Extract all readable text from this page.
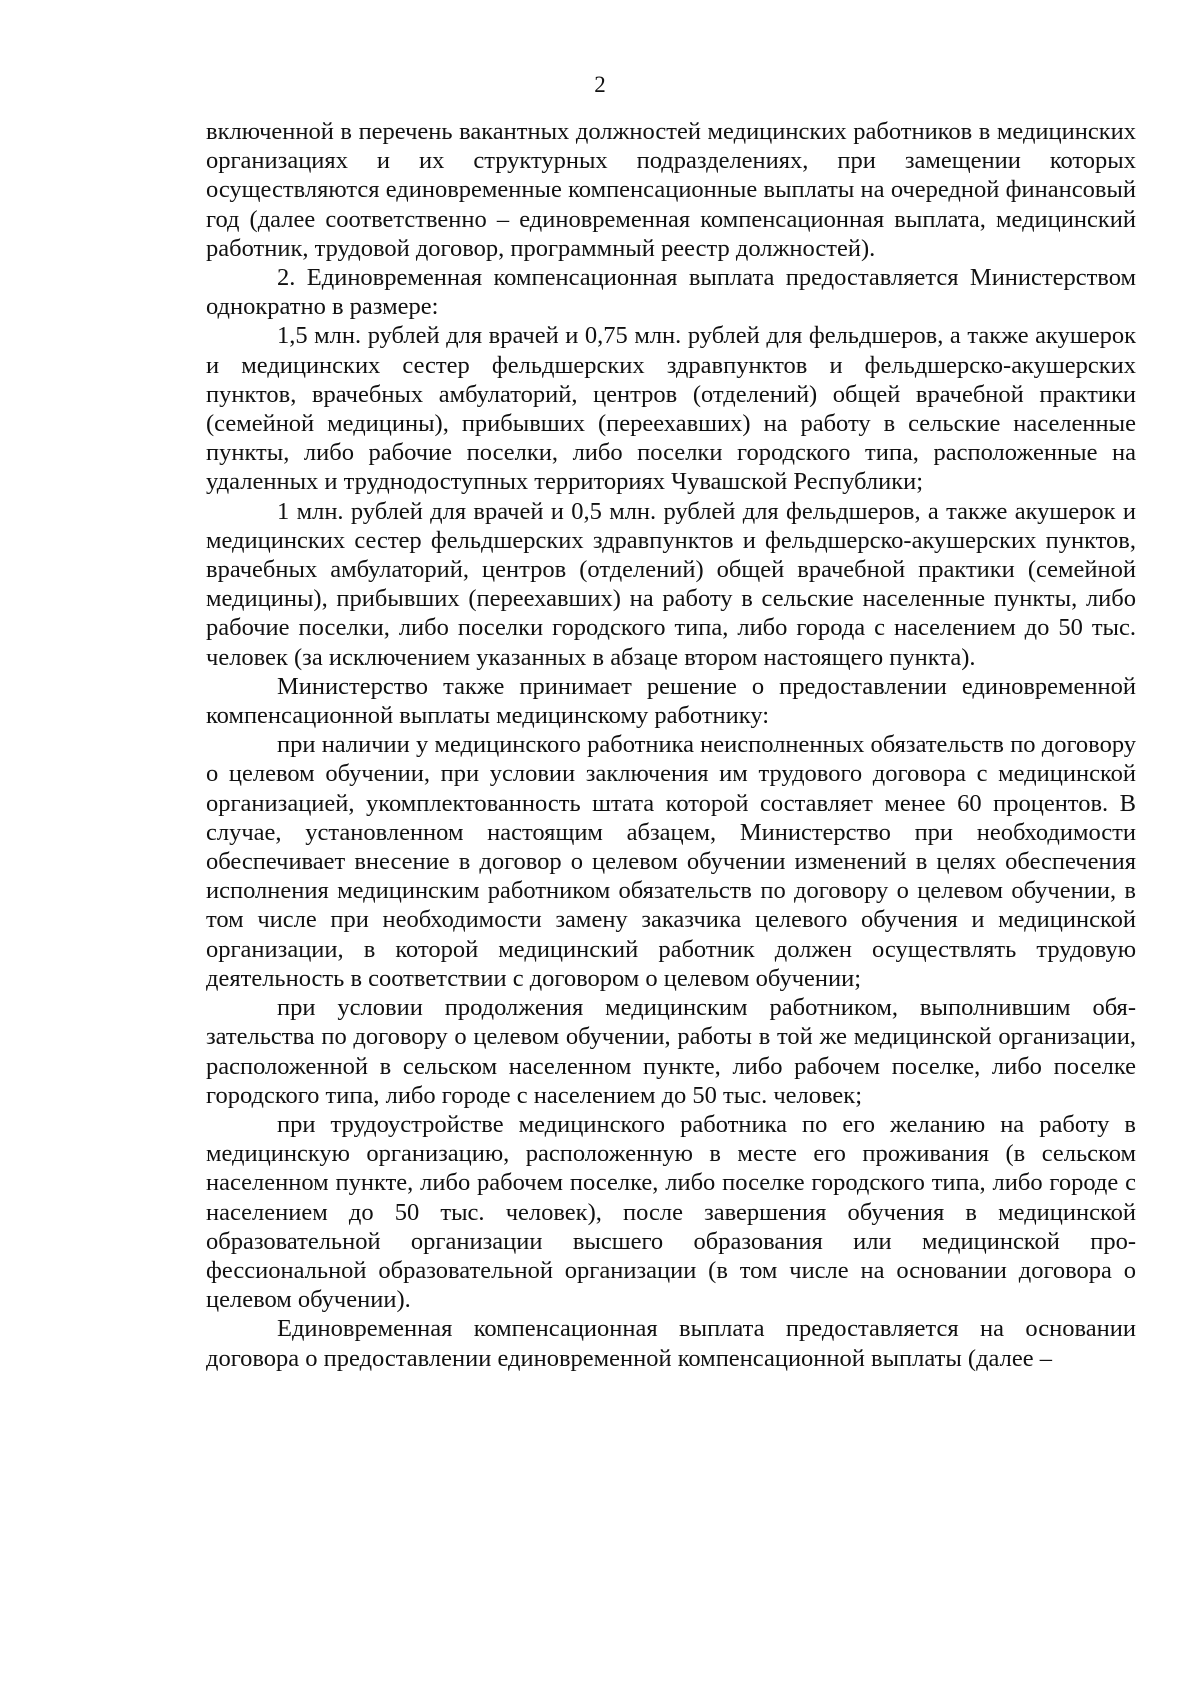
2

включенной в перечень вакантных должностей медицинских работников в медицинских организациях и их структурных подразделениях, при замещении которых осуществляются единовременные компенсационные выплаты на очередной финансовый год (далее соответственно – единовременная компенсационная выплата, медицинский работник, трудовой договор, программный реестр должностей).

2. Единовременная компенсационная выплата предоставляется Министерством однократно в размере:

1,5 млн. рублей для врачей и 0,75 млн. рублей для фельдшеров, а также акушерок и медицинских сестер фельдшерских здравпунктов и фельдшерско-акушерских пунктов, врачебных амбулаторий, центров (отделений) общей врачебной практики (семейной медицины), прибывших (переехавших) на работу в сельские населенные пункты, либо рабочие поселки, либо поселки городского типа, расположенные на удаленных и труднодоступных территориях Чувашской Республики;

1 млн. рублей для врачей и 0,5 млн. рублей для фельдшеров, а также акушерок и медицинских сестер фельдшерских здравпунктов и фельдшерско-акушерских пунктов, врачебных амбулаторий, центров (отделений) общей врачебной практики (семейной медицины), прибывших (переехавших) на работу в сельские населенные пункты, либо рабочие поселки, либо поселки городского типа, либо города с населением до 50 тыс. человек (за исключением указанных в абзаце втором настоящего пункта).

Министерство также принимает решение о предоставлении единовременной компенсационной выплаты медицинскому работнику:

при наличии у медицинского работника неисполненных обязательств по договору о целевом обучении, при условии заключения им трудового договора с медицинской организацией, укомплектованность штата которой составляет менее 60 процентов. В случае, установленном настоящим абзацем, Министерство при необходимости обеспечивает внесение в договор о целевом обучении изменений в целях обеспечения исполнения медицинским работником обязательств по договору о целевом обучении, в том числе при необходимости замену заказчика целевого обучения и медицинской организации, в которой медицинский работник должен осуществлять трудовую деятельность в соответствии с договором о целевом обучении;

при условии продолжения медицинским работником, выполнившим обязательства по договору о целевом обучении, работы в той же медицинской организации, расположенной в сельском населенном пункте, либо рабочем поселке, либо поселке городского типа, либо городе с населением до 50 тыс. человек;

при трудоустройстве медицинского работника по его желанию на работу в медицинскую организацию, расположенную в месте его проживания (в сельском населенном пункте, либо рабочем поселке, либо поселке городского типа, либо городе с населением до 50 тыс. человек), после завершения обучения в медицинской образовательной организации высшего образования или медицинской профессиональной образовательной организации (в том числе на основании договора о целевом обучении).

Единовременная компенсационная выплата предоставляется на основании договора о предоставлении единовременной компенсационной выплаты (далее –
